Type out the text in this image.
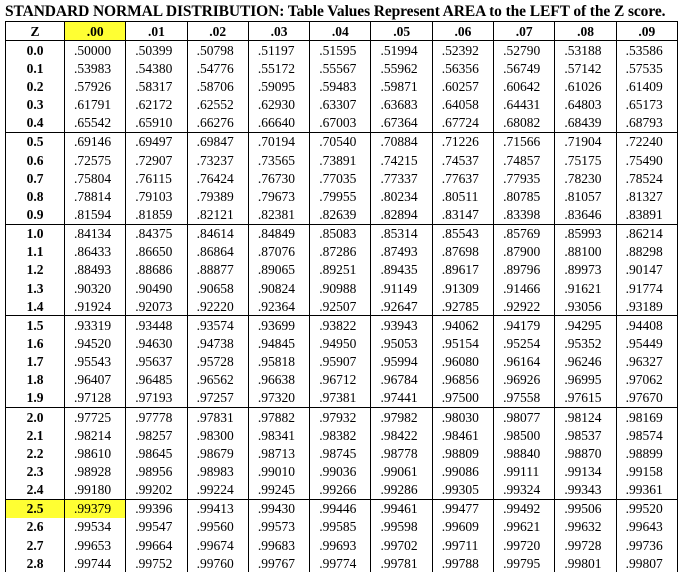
STANDARD NORMAL DISTRIBUTION: Table Values Represent AREA to the LEFT of the Z score.
Z	.00	.01	.02	.03	.04	.05	.06	.07	.08	.09
0.0	.50000	.50399	.50798	.51197	.51595	.51994	.52392	.52790	.53188	.53586
0.1	.53983	.54380	.54776	.55172	.55567	.55962	.56356	.56749	.57142	.57535
0.2	.57926	.58317	.58706	.59095	.59483	.59871	.60257	.60642	.61026	.61409
0.3	.61791	.62172	.62552	.62930	.63307	.63683	.64058	.64431	.64803	.65173
0.4	.65542	.65910	.66276	.66640	.67003	.67364	.67724	.68082	.68439	.68793
0.5	.69146	.69497	.69847	.70194	.70540	.70884	.71226	.71566	.71904	.72240
0.6	.72575	.72907	.73237	.73565	.73891	.74215	.74537	.74857	.75175	.75490
0.7	.75804	.76115	.76424	.76730	.77035	.77337	.77637	.77935	.78230	.78524
0.8	.78814	.79103	.79389	.79673	.79955	.80234	.80511	.80785	.81057	.81327
0.9	.81594	.81859	.82121	.82381	.82639	.82894	.83147	.83398	.83646	.83891
1.0	.84134	.84375	.84614	.84849	.85083	.85314	.85543	.85769	.85993	.86214
1.1	.86433	.86650	.86864	.87076	.87286	.87493	.87698	.87900	.88100	.88298
1.2	.88493	.88686	.88877	.89065	.89251	.89435	.89617	.89796	.89973	.90147
1.3	.90320	.90490	.90658	.90824	.90988	.91149	.91309	.91466	.91621	.91774
1.4	.91924	.92073	.92220	.92364	.92507	.92647	.92785	.92922	.93056	.93189
1.5	.93319	.93448	.93574	.93699	.93822	.93943	.94062	.94179	.94295	.94408
1.6	.94520	.94630	.94738	.94845	.94950	.95053	.95154	.95254	.95352	.95449
1.7	.95543	.95637	.95728	.95818	.95907	.95994	.96080	.96164	.96246	.96327
1.8	.96407	.96485	.96562	.96638	.96712	.96784	.96856	.96926	.96995	.97062
1.9	.97128	.97193	.97257	.97320	.97381	.97441	.97500	.97558	.97615	.97670
2.0	.97725	.97778	.97831	.97882	.97932	.97982	.98030	.98077	.98124	.98169
2.1	.98214	.98257	.98300	.98341	.98382	.98422	.98461	.98500	.98537	.98574
2.2	.98610	.98645	.98679	.98713	.98745	.98778	.98809	.98840	.98870	.98899
2.3	.98928	.98956	.98983	.99010	.99036	.99061	.99086	.99111	.99134	.99158
2.4	.99180	.99202	.99224	.99245	.99266	.99286	.99305	.99324	.99343	.99361
2.5	.99379	.99396	.99413	.99430	.99446	.99461	.99477	.99492	.99506	.99520
2.6	.99534	.99547	.99560	.99573	.99585	.99598	.99609	.99621	.99632	.99643
2.7	.99653	.99664	.99674	.99683	.99693	.99702	.99711	.99720	.99728	.99736
2.8	.99744	.99752	.99760	.99767	.99774	.99781	.99788	.99795	.99801	.99807
